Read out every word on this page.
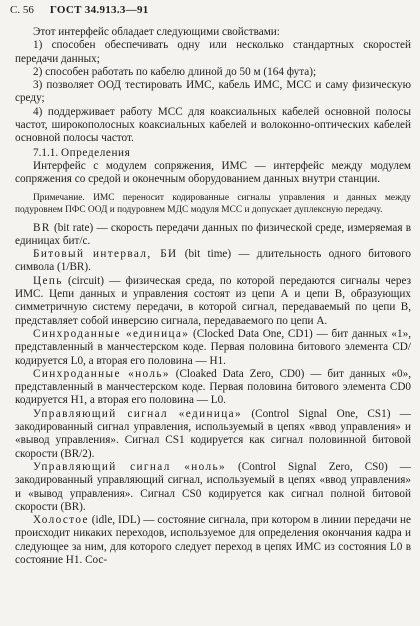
С. 56 ГОСТ 34.913.3—91

Этот интерфейс обладает следующими свойствами:

1) способен обеспечивать одну или несколько стандартных скоростей передачи данных;

2) способен работать по кабелю длиной до 50 м (164 фута);

3) позволяет ООД тестировать ИМС, кабель ИМС, МСС и саму физическую среду;

4) поддерживает работу МСС для коаксиальных кабелей основной полосы частот, широкополосных коаксиальных кабелей и волоконно-оптических кабелей основной полосы частот.

7.1.1. Определения

Интерфейс с модулем сопряжения, ИМС — интерфейс между модулем сопряжения со средой и оконечным оборудованием данных внутри станции.

Примечание. ИМС переносит кодированные сигналы управления и данных между подуровнем ПФС ООД и подуровнем МДС модуля МСС и допускает дуплексную передачу.

BR (bit rate) — скорость передачи данных по физической среде, измеряемая в единицах бит/с.

Битовый интервал, БИ (bit time) — длительность одного битового символа (1/BR).

Цепь (circuit) — физическая среда, по которой передаются сигналы через ИМС. Цепи данных и управления состоят из цепи А и цепи В, образующих симметричную систему передачи, в которой сигнал, передаваемый по цепи В, представляет собой инверсию сигнала, передаваемого по цепи А.

Синхроданные «единица» (Clocked Data One, CD1) — бит данных «1», представленный в манчестерском коде. Первая половина битового элемента CD/ кодируется L0, а вторая его половина — H1.

Синхроданные «ноль» (Cloaked Data Zero, CD0) — бит данных «0», представленный в манчестерском коде. Первая половина битового элемента CD0 кодируется H1, а вторая его половина — L0.

Управляющий сигнал «единица» (Control Signal One, CS1) — закодированный сигнал управления, используемый в цепях «ввод управления» и «вывод управления». Сигнал CS1 кодируется как сигнал половинной битовой скорости (BR/2).

Управляющий сигнал «ноль» (Control Signal Zero, CS0) — закодированный управляющий сигнал, используемый в цепях «ввод управления» и «вывод управления». Сигнал CS0 кодируется как сигнал полной битовой скорости (BR).

Холостое (idle, IDL) — состояние сигнала, при котором в линии передачи не происходит никаких переходов, используемое для определения окончания кадра и следующее за ним, для которого следует переход в цепях ИМС из состояния L0 в состояние H1. Сос-
